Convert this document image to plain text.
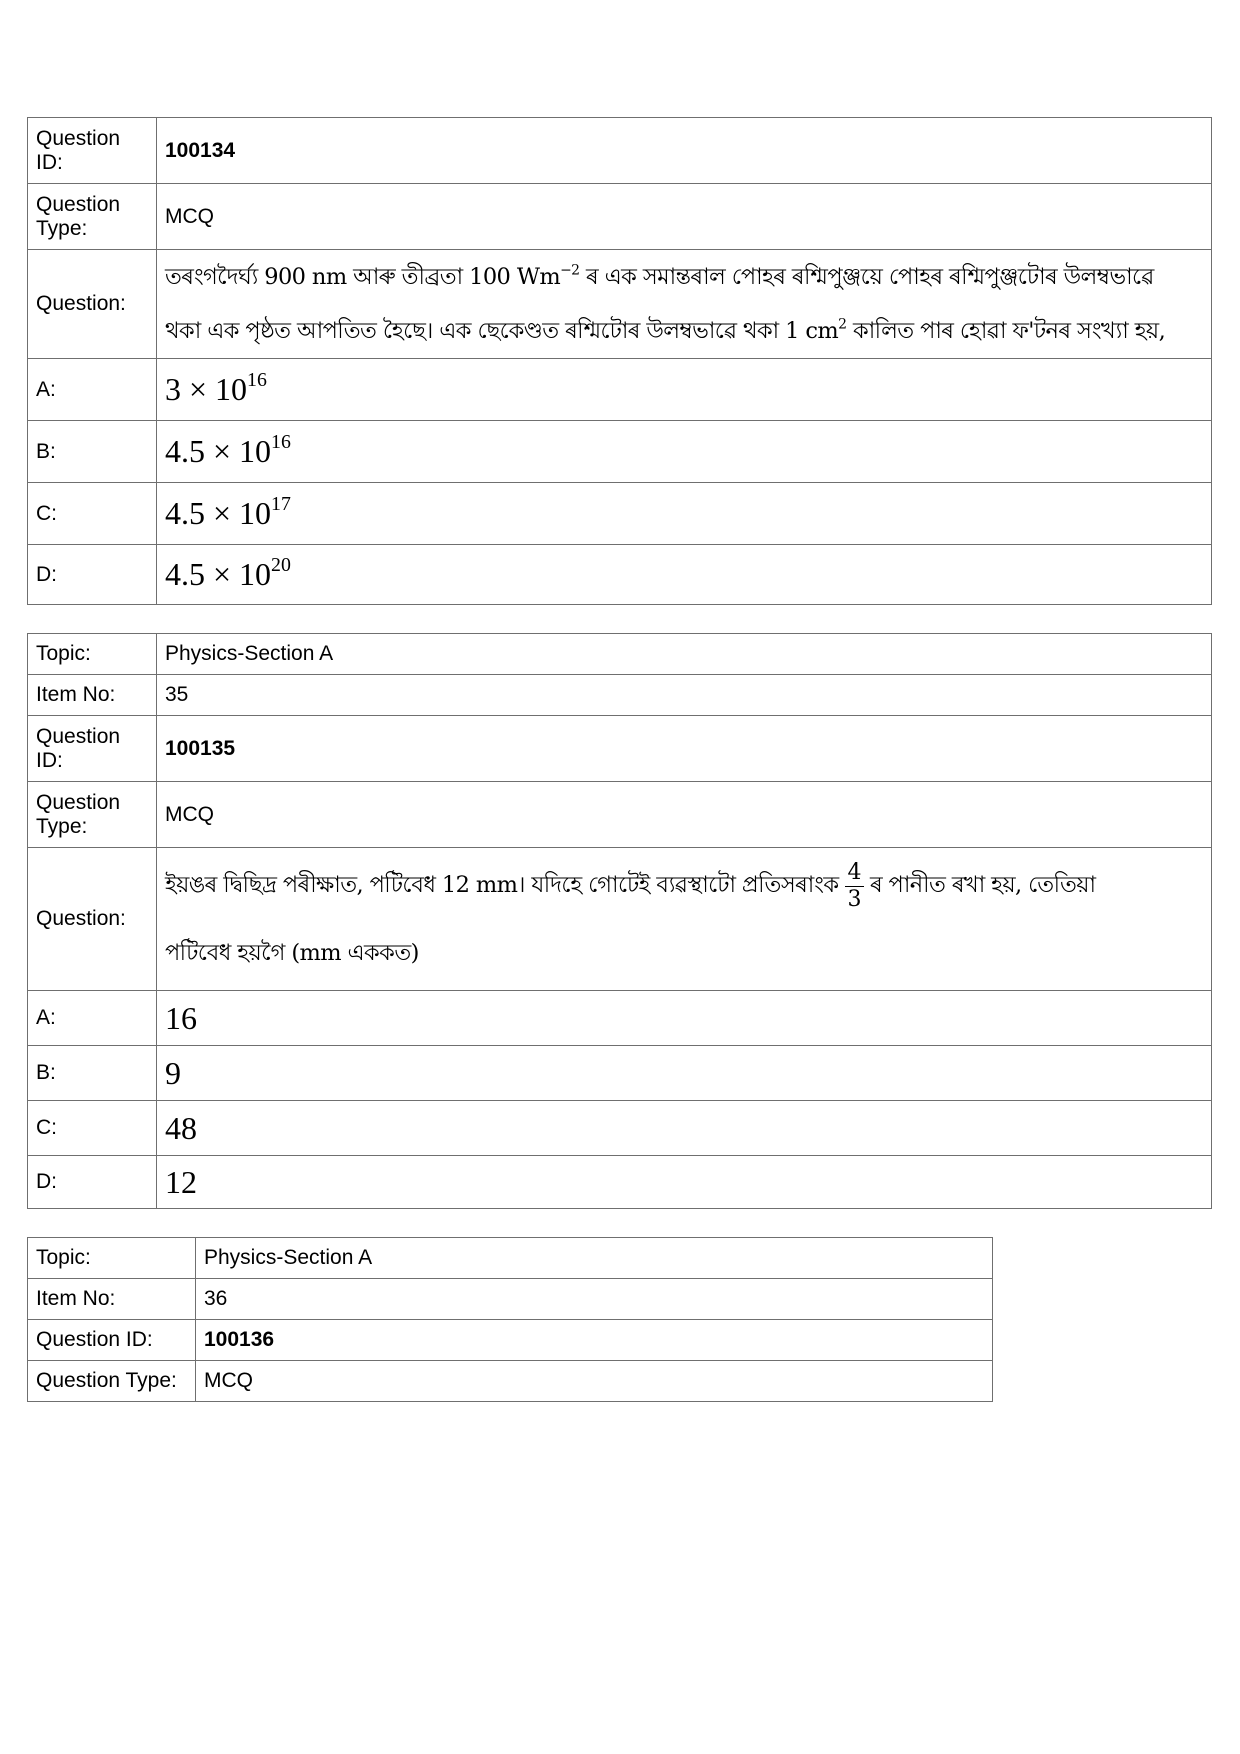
Question ID:	100134
Question Type:	MCQ
Question:	তৰংগদৈৰ্ঘ্য 900 nm আৰু তীব্ৰতা 100 $Wm^{-2}$ ৰ এক সমান্তৰাল পোহৰ ৰশ্মিপুঞ্জয়ে পোহৰ ৰশ্মিপুঞ্জটোৰ উলম্বভাৱে
থকা এক পৃষ্ঠত আপতিত হৈছে। এক ছেকেণ্ডত ৰশ্মিটোৰ উলম্বভাৱে থকা 1 $cm^2$ কালিত পাৰ হোৱা ফ'টনৰ সংখ্যা হয়,

A:	$3 \times 10^{16}$
B:	$4.5 \times 10^{16}$
C:	$4.5 \times 10^{17}$
D:	$4.5 \times 10^{20}$
Topic:	Physics-Section A
Item No:	35
Question ID:	100135
Question Type:	MCQ
Question:	ইয়ঙৰ দ্বিছিদ্ৰ পৰীক্ষাত, পটিবেধ 12 mm। যদিহে গোটেই ব্যৱস্থাটো প্ৰতিসৰাংক $\frac{4}{3}$ ৰ পানীত ৰখা হয়, তেতিয়া
পটিবেধ হয়গৈ (mm এককত)

A:	16
B:	9
C:	48
D:	12
Topic:	Physics-Section A
Item No:	36
Question ID:	100136
Question Type:	MCQ
